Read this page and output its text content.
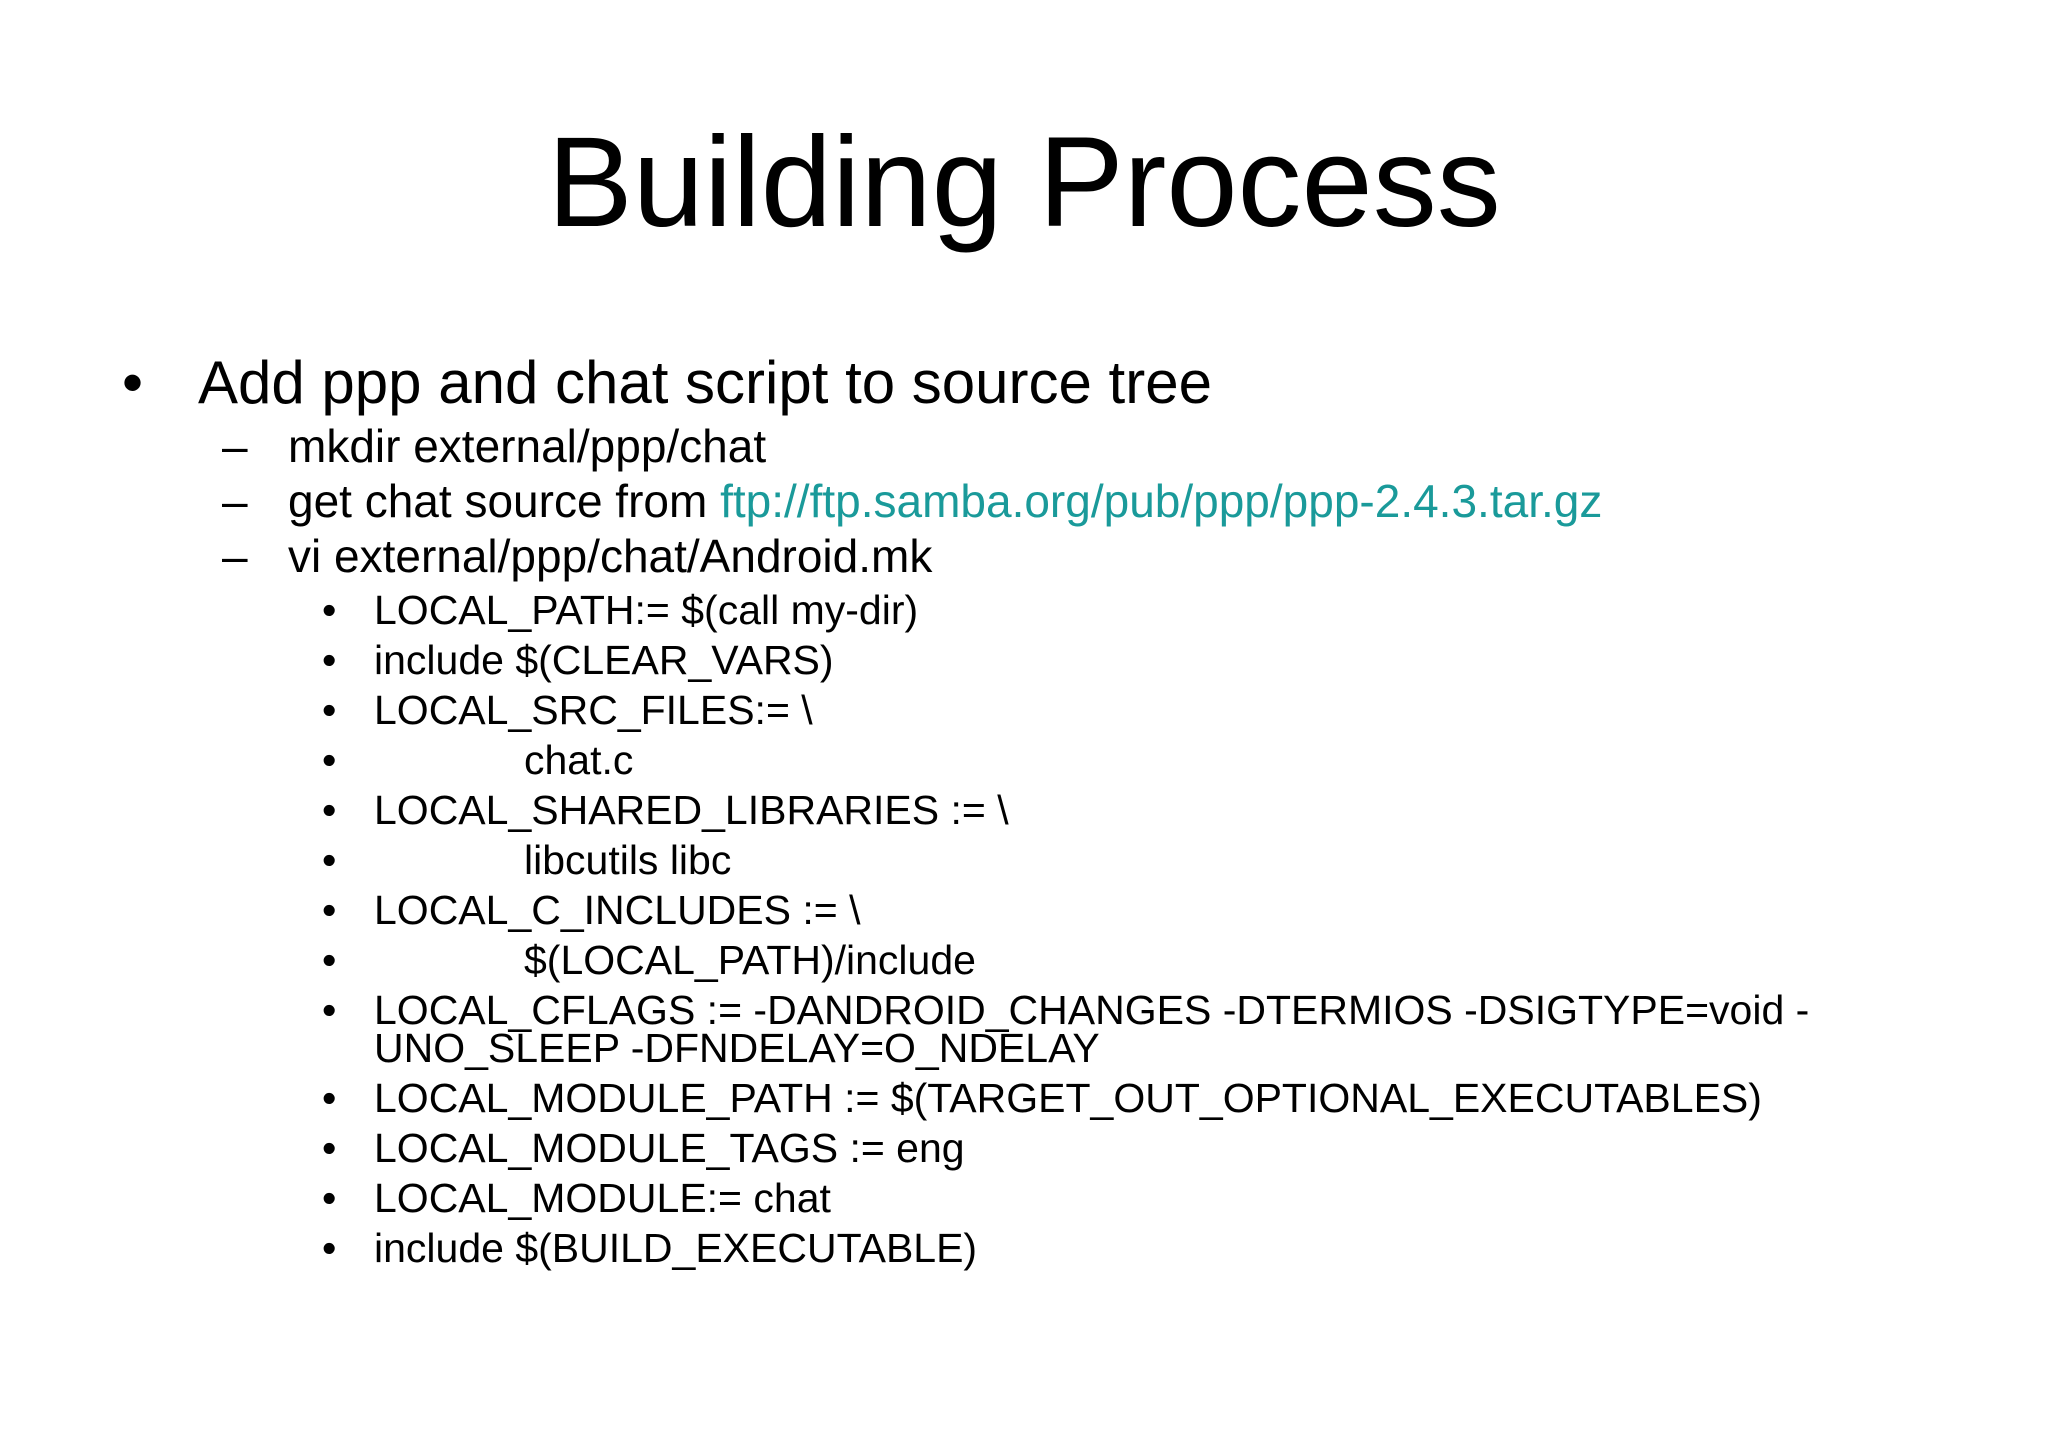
Building Process
• Add ppp and chat script to source tree
– mkdir external/ppp/chat
– get chat source from ftp://ftp.samba.org/pub/ppp/ppp-2.4.3.tar.gz
– vi external/ppp/chat/Android.mk
• LOCAL_PATH:= $(call my-dir)
• include $(CLEAR_VARS)
• LOCAL_SRC_FILES:= \
•	chat.c
• LOCAL_SHARED_LIBRARIES := \
•	libcutils libc
• LOCAL_C_INCLUDES := \
•	$(LOCAL_PATH)/include
• LOCAL_CFLAGS := -DANDROID_CHANGES -DTERMIOS -DSIGTYPE=void -
UNO_SLEEP -DFNDELAY=O_NDELAY
• LOCAL_MODULE_PATH := $(TARGET_OUT_OPTIONAL_EXECUTABLES)
• LOCAL_MODULE_TAGS := eng
• LOCAL_MODULE:= chat
• include $(BUILD_EXECUTABLE)
